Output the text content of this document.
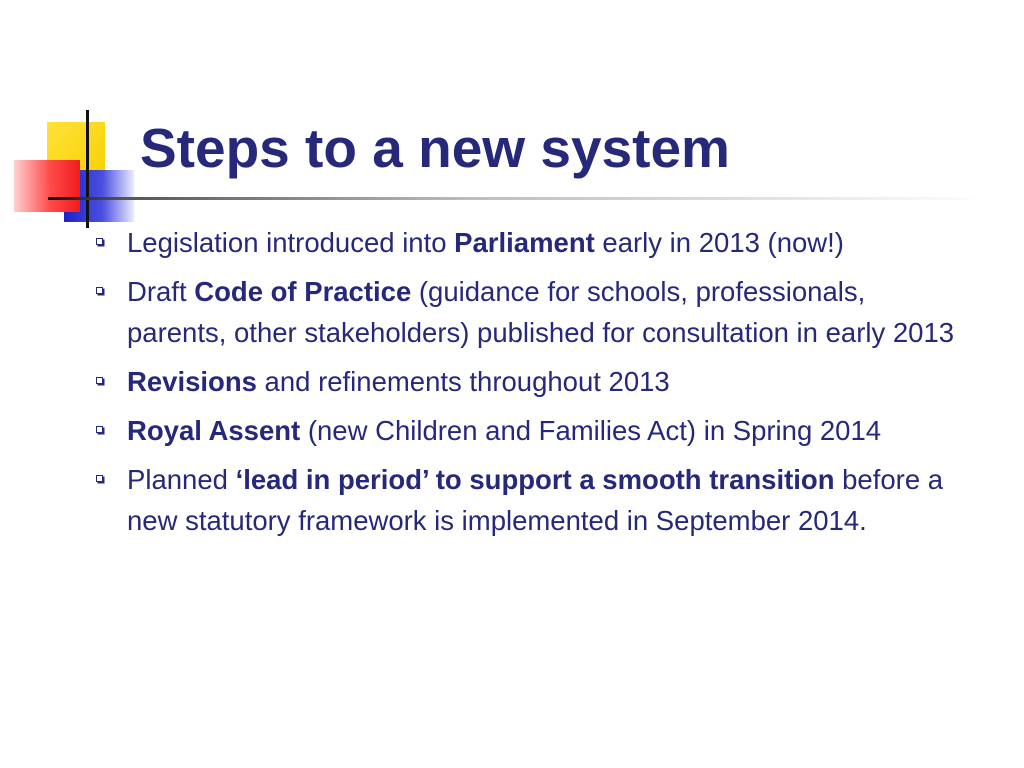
Steps to a new system
Legislation introduced into Parliament early in 2013 (now!)
Draft Code of Practice (guidance for schools, professionals, parents, other stakeholders) published for consultation in early 2013
Revisions and refinements throughout 2013
Royal Assent (new Children and Families Act) in Spring 2014
Planned ‘lead in period’ to support a smooth transition before a new statutory framework is implemented in September 2014.
